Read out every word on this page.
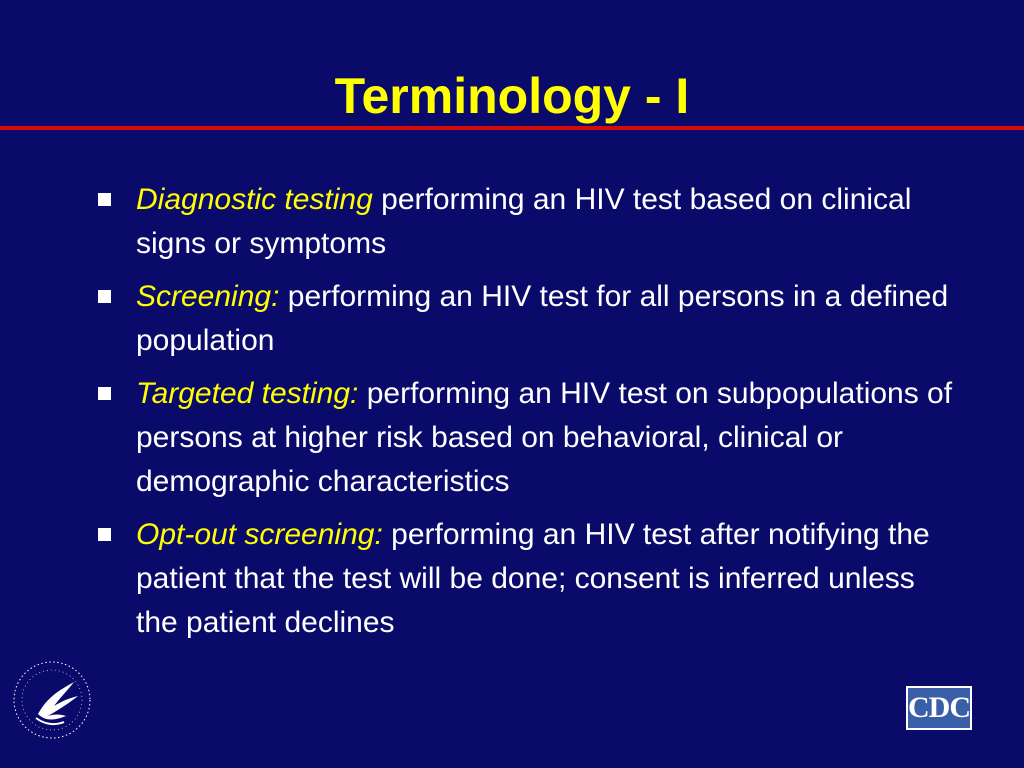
Terminology - I
Diagnostic testing performing an HIV test based on clinical signs or symptoms
Screening: performing an HIV test for all persons in a defined population
Targeted testing: performing an HIV test on subpopulations of persons at higher risk based on behavioral, clinical or demographic characteristics
Opt-out screening: performing an HIV test after notifying the patient that the test will be done; consent is inferred unless the patient declines
CDC
